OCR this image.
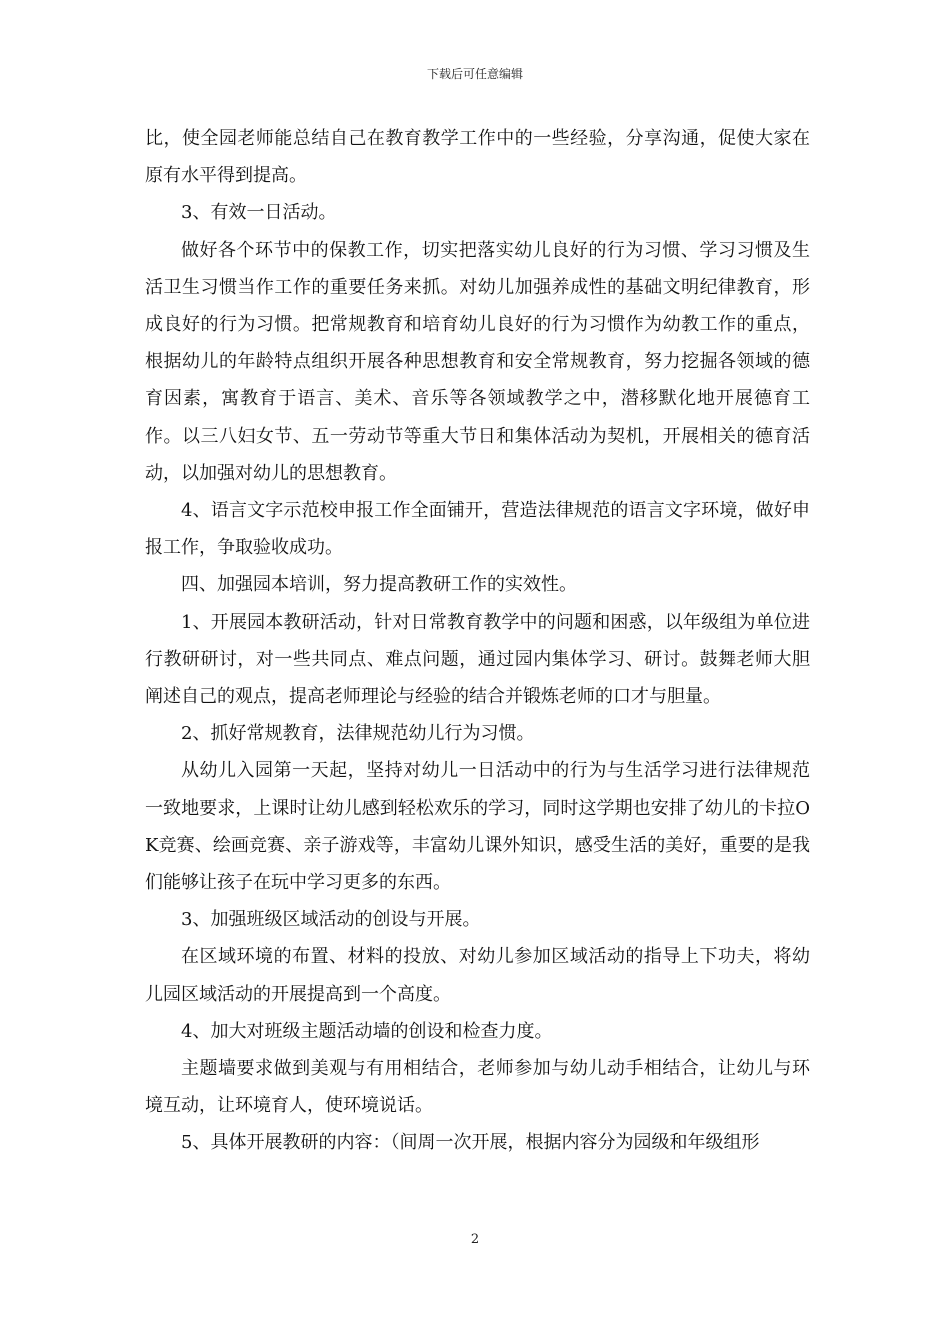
下载后可任意编辑

比，使全园老师能总结自己在教育教学工作中的一些经验，分享沟通，促使大家在原有水平得到提高。

3、有效一日活动。

做好各个环节中的保教工作，切实把落实幼儿良好的行为习惯、学习习惯及生活卫生习惯当作工作的重要任务来抓。对幼儿加强养成性的基础文明纪律教育，形成良好的行为习惯。把常规教育和培育幼儿良好的行为习惯作为幼教工作的重点，根据幼儿的年龄特点组织开展各种思想教育和安全常规教育，努力挖掘各领域的德育因素，寓教育于语言、美术、音乐等各领域教学之中，潜移默化地开展德育工作。以三八妇女节、五一劳动节等重大节日和集体活动为契机，开展相关的德育活动，以加强对幼儿的思想教育。

4、语言文字示范校申报工作全面铺开，营造法律规范的语言文字环境，做好申报工作，争取验收成功。

四、加强园本培训，努力提高教研工作的实效性。

1、开展园本教研活动，针对日常教育教学中的问题和困惑，以年级组为单位进行教研研讨，对一些共同点、难点问题，通过园内集体学习、研讨。鼓舞老师大胆阐述自己的观点，提高老师理论与经验的结合并锻炼老师的口才与胆量。

2、抓好常规教育，法律规范幼儿行为习惯。

从幼儿入园第一天起，坚持对幼儿一日活动中的行为与生活学习进行法律规范一致地要求，上课时让幼儿感到轻松欢乐的学习，同时这学期也安排了幼儿的卡拉OK竞赛、绘画竞赛、亲子游戏等，丰富幼儿课外知识，感受生活的美好，重要的是我们能够让孩子在玩中学习更多的东西。

3、加强班级区域活动的创设与开展。

在区域环境的布置、材料的投放、对幼儿参加区域活动的指导上下功夫，将幼儿园区域活动的开展提高到一个高度。

4、加大对班级主题活动墙的创设和检查力度。

主题墙要求做到美观与有用相结合，老师参加与幼儿动手相结合，让幼儿与环境互动，让环境育人，使环境说话。

5、具体开展教研的内容：（间周一次开展，根据内容分为园级和年级组形

2
